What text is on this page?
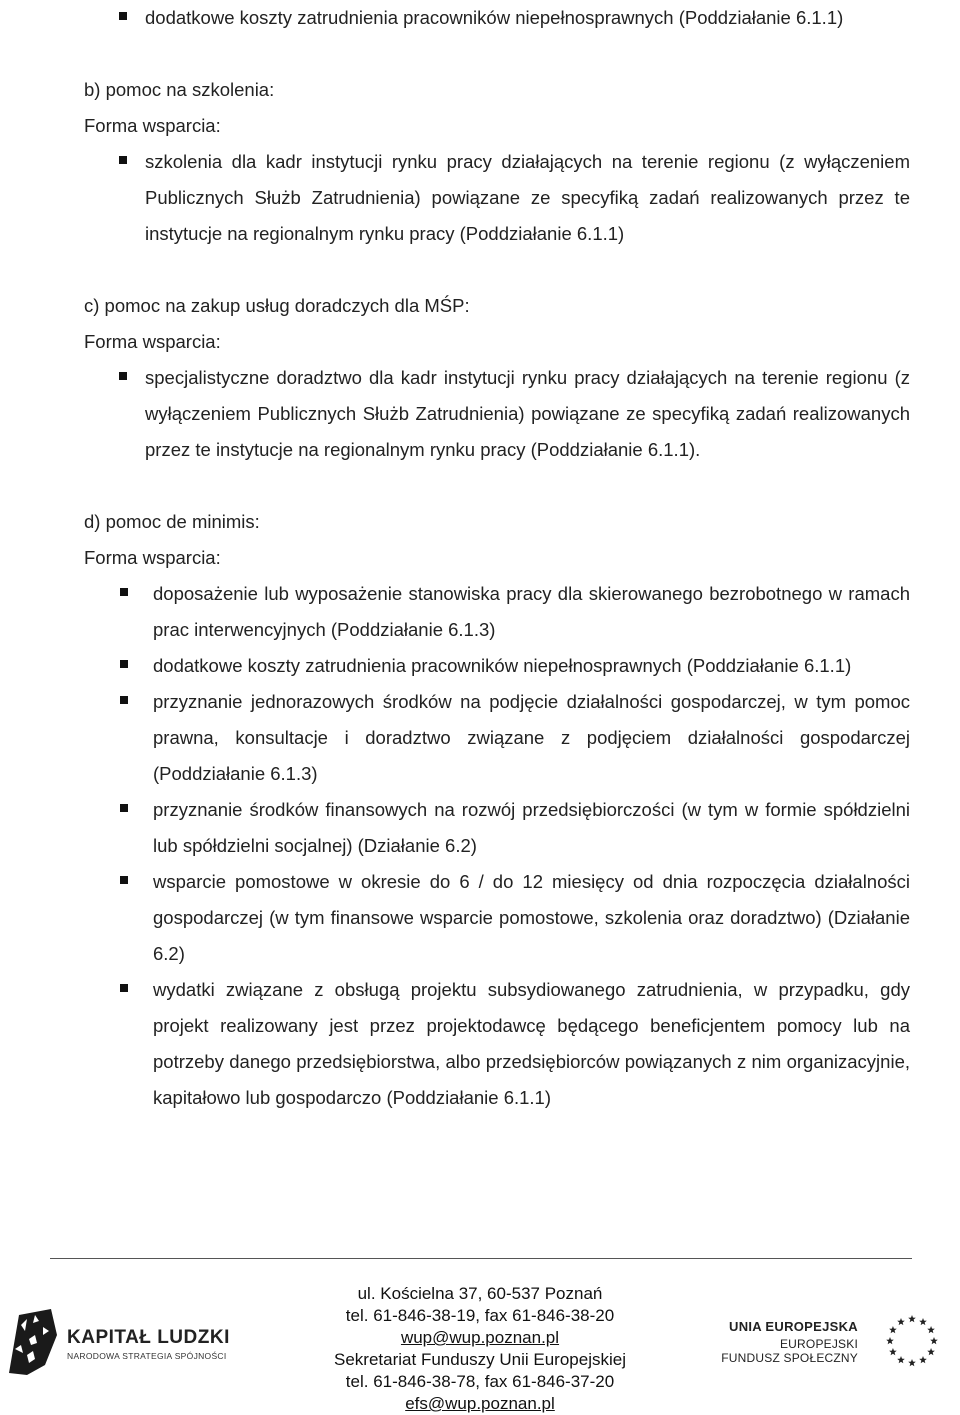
dodatkowe koszty zatrudnienia pracowników niepełnosprawnych (Poddziałanie 6.1.1)
b) pomoc na szkolenia:
Forma wsparcia:
szkolenia dla kadr instytucji rynku pracy działających na terenie regionu (z wyłączeniem Publicznych Służb Zatrudnienia) powiązane ze specyfiką zadań realizowanych przez te instytucje na regionalnym rynku pracy (Poddziałanie 6.1.1)
c) pomoc na zakup usług doradczych dla MŚP:
Forma wsparcia:
specjalistyczne doradztwo dla kadr instytucji rynku pracy działających na terenie regionu (z wyłączeniem Publicznych Służb Zatrudnienia) powiązane ze specyfiką zadań realizowanych przez te instytucje na regionalnym rynku pracy (Poddziałanie 6.1.1).
d) pomoc de minimis:
Forma wsparcia:
doposażenie lub wyposażenie stanowiska pracy dla skierowanego bezrobotnego w ramach prac interwencyjnych (Poddziałanie 6.1.3)
dodatkowe koszty zatrudnienia pracowników niepełnosprawnych (Poddziałanie 6.1.1)
przyznanie jednorazowych środków na podjęcie działalności gospodarczej, w tym pomoc prawna, konsultacje i doradztwo związane z podjęciem działalności gospodarczej (Poddziałanie 6.1.3)
przyznanie środków finansowych na rozwój przedsiębiorczości (w tym w formie spółdzielni lub spółdzielni socjalnej) (Działanie 6.2)
wsparcie pomostowe w okresie do 6 / do 12 miesięcy od dnia rozpoczęcia działalności gospodarczej (w tym finansowe wsparcie pomostowe, szkolenia oraz doradztwo) (Działanie 6.2)
wydatki związane z obsługą projektu subsydiowanego zatrudnienia, w przypadku, gdy projekt realizowany jest przez projektodawcę będącego beneficjentem pomocy lub na potrzeby danego przedsiębiorstwa, albo przedsiębiorców powiązanych z nim organizacyjnie, kapitałowo lub gospodarczo (Poddziałanie 6.1.1)
KAPITAŁ LUDZKI
NARODOWA STRATEGIA SPÓJNOŚCI
ul. Kościelna 37, 60-537 Poznań
tel. 61-846-38-19, fax 61-846-38-20
wup@wup.poznan.pl
Sekretariat Funduszy Unii Europejskiej
tel. 61-846-38-78, fax 61-846-37-20
efs@wup.poznan.pl
UNIA EUROPEJSKA
EUROPEJSKI
FUNDUSZ SPOŁECZNY
